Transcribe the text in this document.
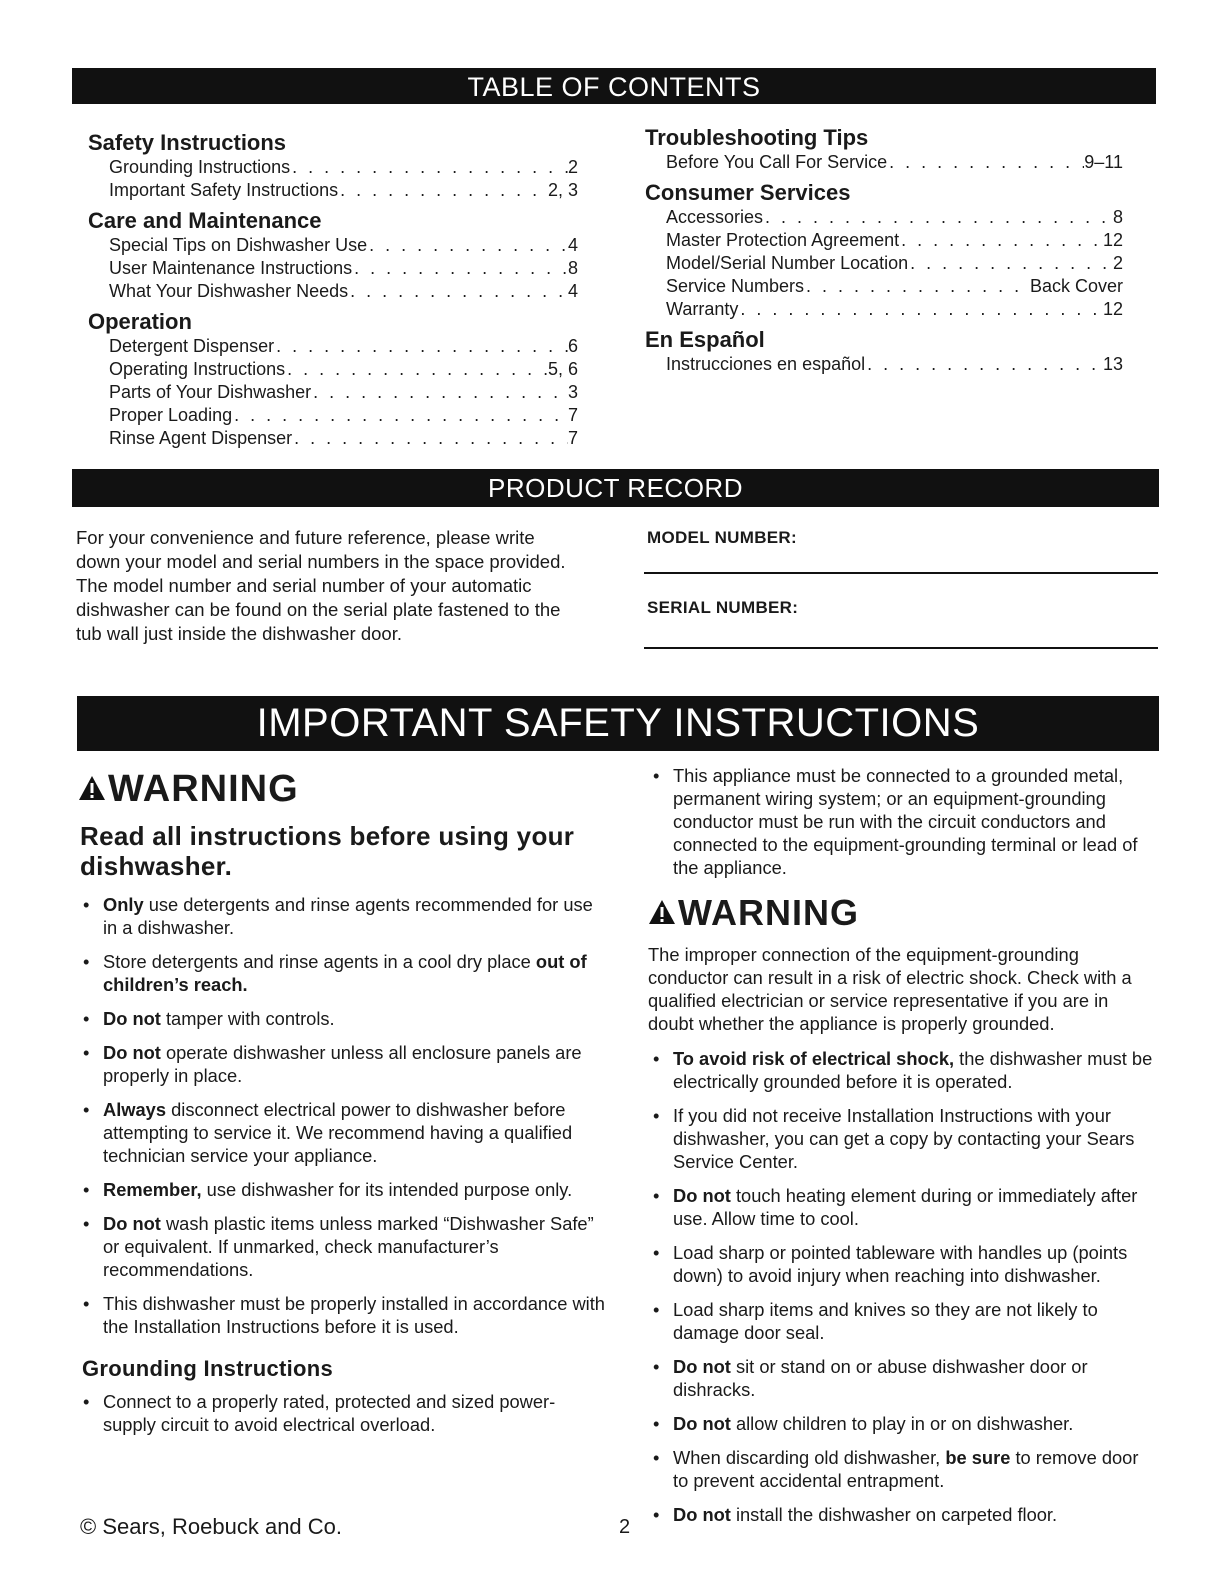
TABLE OF CONTENTS

Safety Instructions

Grounding Instructions . . .	2
Important Safety Instructions . . .	2, 3

Care and Maintenance

Special Tips on Dishwasher Use . . .	4
User Maintenance Instructions . . .	8
What Your Dishwasher Needs . . .	4

Operation

Detergent Dispenser . . .	6
Operating Instructions . . .	5, 6
Parts of Your Dishwasher . . .	3
Proper Loading . . .	7
Rinse Agent Dispenser . . .	7

Troubleshooting Tips

Before You Call For Service . . .	9–11

Consumer Services

Accessories . . .	8
Master Protection Agreement . . .	12
Model/Serial Number Location . . .	2
Service Numbers . . .	Back Cover
Warranty . . .	12

En Español

Instrucciones en español . . .	13
PRODUCT RECORD
For your convenience and future reference, please write down your model and serial numbers in the space provided. The model number and serial number of your automatic dishwasher can be found on the serial plate fastened to the tub wall just inside the dishwasher door.
MODEL NUMBER:
SERIAL NUMBER:
IMPORTANT SAFETY INSTRUCTIONS

WARNING

Read all instructions before using your dishwasher.

• Only use detergents and rinse agents recommended for use in a dishwasher.
• Store detergents and rinse agents in a cool dry place out of children’s reach.
• Do not tamper with controls.
• Do not operate dishwasher unless all enclosure panels are properly in place.
• Always disconnect electrical power to dishwasher before attempting to service it. We recommend having a qualified technician service your appliance.
• Remember, use dishwasher for its intended purpose only.
• Do not wash plastic items unless marked “Dishwasher Safe” or equivalent. If unmarked, check manufacturer’s recommendations.
• This dishwasher must be properly installed in accordance with the Installation Instructions before it is used.

Grounding Instructions

• Connect to a properly rated, protected and sized power-supply circuit to avoid electrical overload.
• This appliance must be connected to a grounded metal, permanent wiring system; or an equipment-grounding conductor must be run with the circuit conductors and connected to the equipment-grounding terminal or lead of the appliance.

WARNING

The improper connection of the equipment-grounding conductor can result in a risk of electric shock. Check with a qualified electrician or service representative if you are in doubt whether the appliance is properly grounded.

• To avoid risk of electrical shock, the dishwasher must be electrically grounded before it is operated.
• If you did not receive Installation Instructions with your dishwasher, you can get a copy by contacting your Sears Service Center.
• Do not touch heating element during or immediately after use. Allow time to cool.
• Load sharp or pointed tableware with handles up (points down) to avoid injury when reaching into dishwasher.
• Load sharp items and knives so they are not likely to damage door seal.
• Do not sit or stand on or abuse dishwasher door or dishracks.
• Do not allow children to play in or on dishwasher.
• When discarding old dishwasher, be sure to remove door to prevent accidental entrapment.
• Do not install the dishwasher on carpeted floor.
© Sears, Roebuck and Co.	2
